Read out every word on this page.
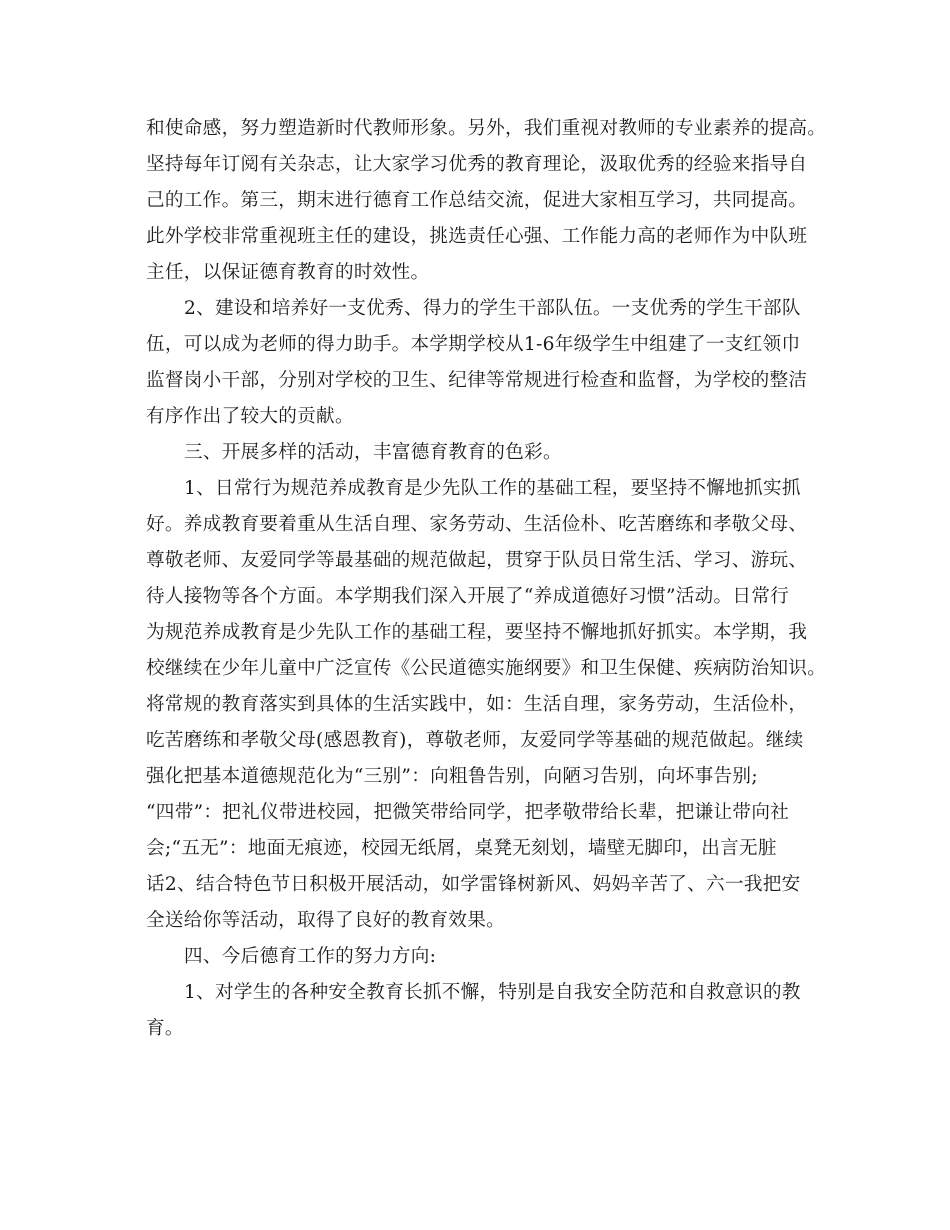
和使命感，努力塑造新时代教师形象。另外，我们重视对教师的专业素养的提高。
坚持每年订阅有关杂志，让大家学习优秀的教育理论，汲取优秀的经验来指导自
己的工作。第三，期末进行德育工作总结交流，促进大家相互学习，共同提高。
此外学校非常重视班主任的建设，挑选责任心强、工作能力高的老师作为中队班
主任，以保证德育教育的时效性。
2、建设和培养好一支优秀、得力的学生干部队伍。一支优秀的学生干部队
伍，可以成为老师的得力助手。本学期学校从1-6年级学生中组建了一支红领巾
监督岗小干部，分别对学校的卫生、纪律等常规进行检查和监督，为学校的整洁
有序作出了较大的贡献。
三、开展多样的活动，丰富德育教育的色彩。
1、日常行为规范养成教育是少先队工作的基础工程，要坚持不懈地抓实抓
好。养成教育要着重从生活自理、家务劳动、生活俭朴、吃苦磨练和孝敬父母、
尊敬老师、友爱同学等最基础的规范做起，贯穿于队员日常生活、学习、游玩、
待人接物等各个方面。本学期我们深入开展了“养成道德好习惯”活动。日常行
为规范养成教育是少先队工作的基础工程，要坚持不懈地抓好抓实。本学期，我
校继续在少年儿童中广泛宣传《公民道德实施纲要》和卫生保健、疾病防治知识。
将常规的教育落实到具体的生活实践中，如：生活自理，家务劳动，生活俭朴，
吃苦磨练和孝敬父母(感恩教育)，尊敬老师，友爱同学等基础的规范做起。继续
强化把基本道德规范化为“三别”：向粗鲁告别，向陋习告别，向坏事告别;
“四带”：把礼仪带进校园，把微笑带给同学，把孝敬带给长辈，把谦让带向社
会;“五无”：地面无痕迹，校园无纸屑，桌凳无刻划，墙壁无脚印，出言无脏
话2、结合特色节日积极开展活动，如学雷锋树新风、妈妈辛苦了、六一我把安
全送给你等活动，取得了良好的教育效果。
四、今后德育工作的努力方向:
1、对学生的各种安全教育长抓不懈，特别是自我安全防范和自救意识的教
育。
